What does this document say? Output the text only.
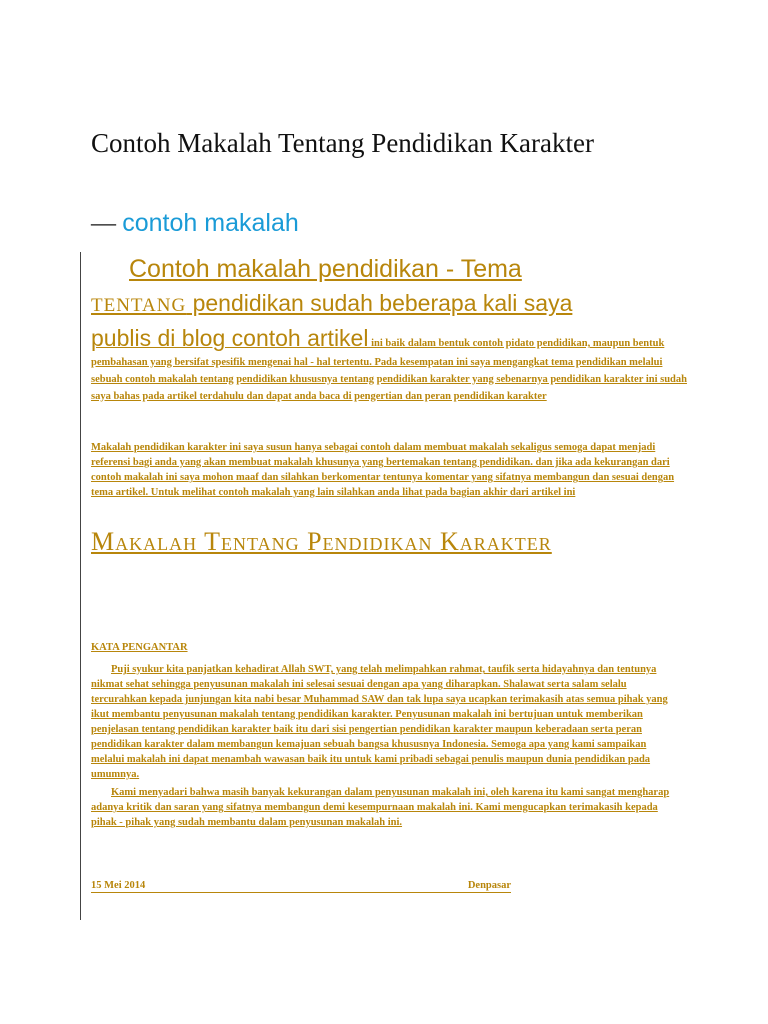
Contoh Makalah Tentang Pendidikan Karakter
— contoh makalah
Contoh makalah pendidikan - Tema
TENTANG pendidikan sudah beberapa kali saya
publis di blog contoh artikel ini baik dalam bentuk contoh pidato pendidikan, maupun bentuk pembahasan yang bersifat spesifik mengenai hal - hal tertentu. Pada kesempatan ini saya mengangkat tema pendidikan melalui sebuah contoh makalah tentang pendidikan khususnya tentang pendidikan karakter yang sebenarnya pendidikan karakter ini sudah saya bahas pada artikel terdahulu dan dapat anda baca di pengertian dan peran pendidikan karakter
Makalah pendidikan karakter ini saya susun hanya sebagai contoh dalam membuat makalah sekaligus semoga dapat menjadi referensi bagi anda yang akan membuat makalah khusunya yang bertemakan tentang pendidikan. dan jika ada kekurangan dari contoh makalah ini saya mohon maaf dan silahkan berkomentar tentunya komentar yang sifatnya membangun dan sesuai dengan tema artikel. Untuk melihat contoh makalah yang lain silahkan anda lihat pada bagian akhir dari artikel ini
Makalah Tentang Pendidikan Karakter
KATA PENGANTAR
Puji syukur kita panjatkan kehadirat Allah SWT, yang telah melimpahkan rahmat, taufik serta hidayahnya dan tentunya nikmat sehat sehingga penyusunan makalah ini selesai sesuai dengan apa yang diharapkan. Shalawat serta salam selalu tercurahkan kepada junjungan kita nabi besar Muhammad SAW dan tak lupa saya ucapkan terimakasih atas semua pihak yang ikut membantu penyusunan makalah tentang pendidikan karakter. Penyusunan makalah ini bertujuan untuk memberikan penjelasan tentang pendidikan karakter baik itu dari sisi pengertian pendidikan karakter maupun keberadaan serta peran pendidikan karakter dalam membangun kemajuan sebuah bangsa khususnya Indonesia. Semoga apa yang kami sampaikan melalui makalah ini dapat menambah wawasan baik itu untuk kami pribadi sebagai penulis maupun dunia pendidikan pada umumnya.
Kami menyadari bahwa masih banyak kekurangan dalam penyusunan makalah ini, oleh karena itu kami sangat mengharap adanya kritik dan saran yang sifatnya membangun demi kesempurnaan makalah ini. Kami mengucapkan terimakasih kepada pihak - pihak yang sudah membantu dalam penyusunan makalah ini.
15 Mei 2014	Denpasar
